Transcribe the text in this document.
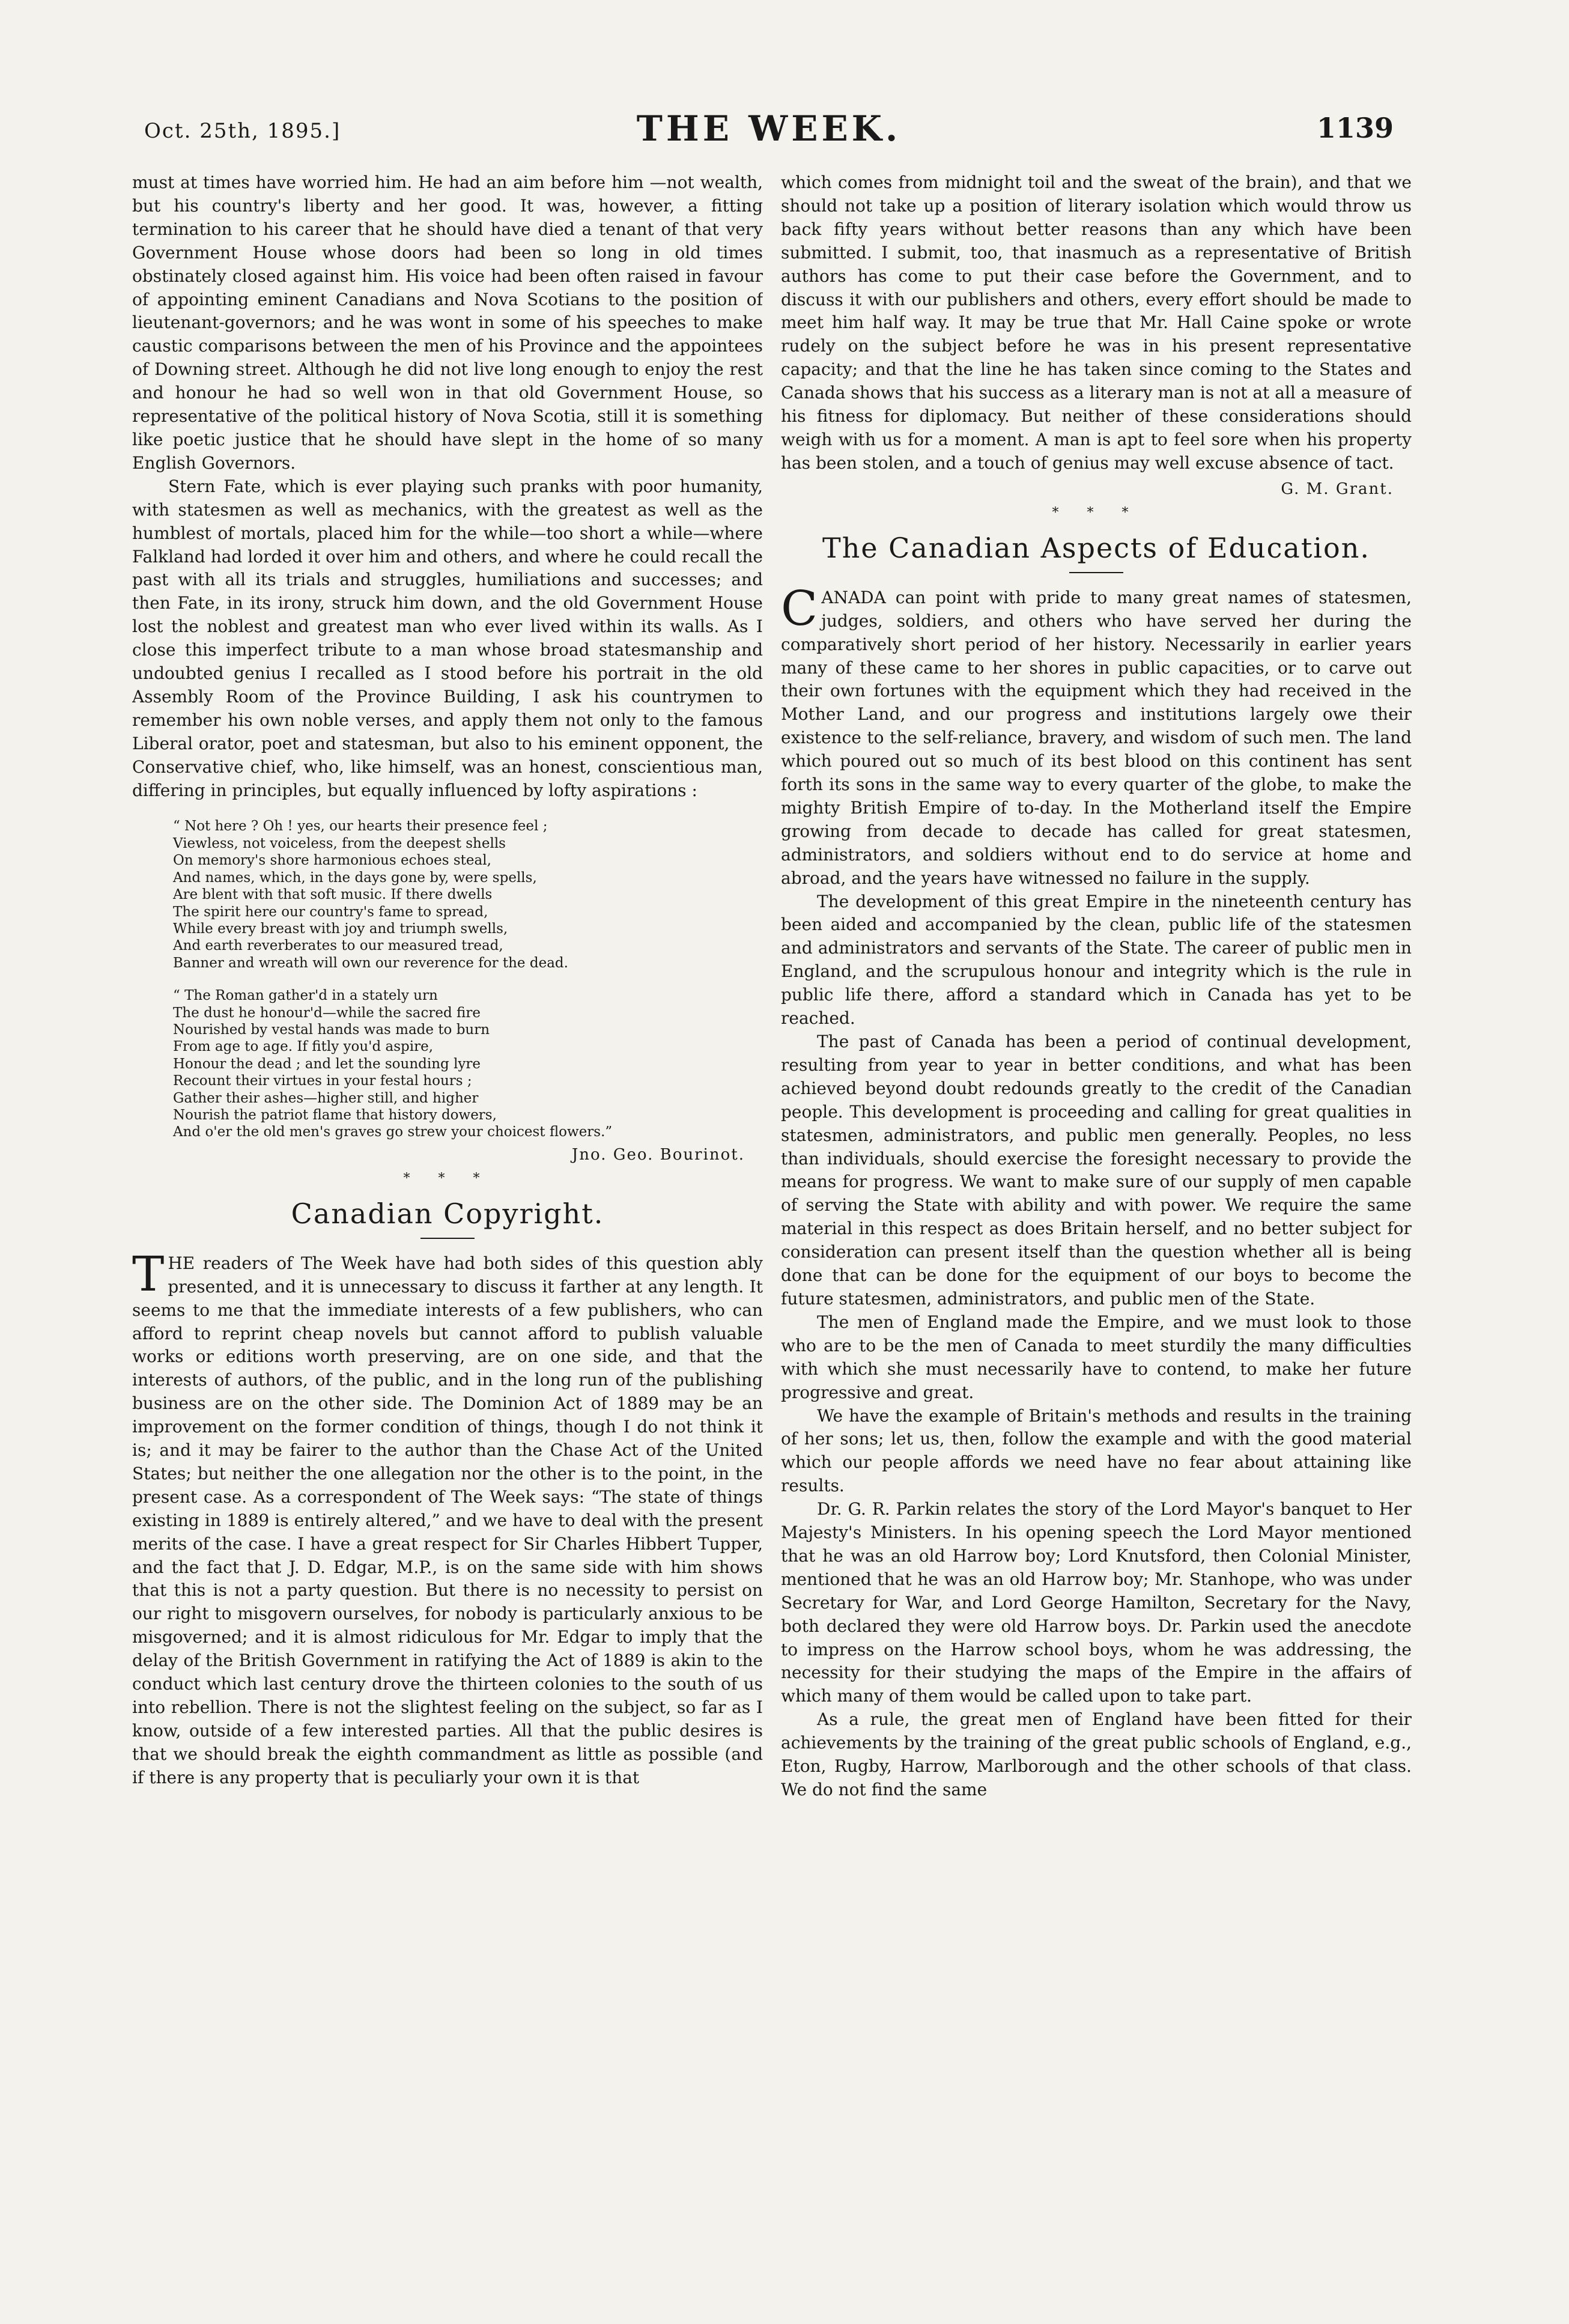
Oct. 25th, 1895.]	THE WEEK.	1139

must at times have worried him. He had an aim before him —not wealth, but his country's liberty and her good. It was, however, a fitting termination to his career that he should have died a tenant of that very Government House whose doors had been so long in old times obstinately closed against him. His voice had been often raised in favour of appointing eminent Canadians and Nova Scotians to the position of lieutenant-governors; and he was wont in some of his speeches to make caustic comparisons between the men of his Province and the appointees of Downing street. Although he did not live long enough to enjoy the rest and honour he had so well won in that old Government House, so representative of the political history of Nova Scotia, still it is something like poetic justice that he should have slept in the home of so many English Governors.

Stern Fate, which is ever playing such pranks with poor humanity, with statesmen as well as mechanics, with the greatest as well as the humblest of mortals, placed him for the while—too short a while—where Falkland had lorded it over him and others, and where he could recall the past with all its trials and struggles, humiliations and successes; and then Fate, in its irony, struck him down, and the old Government House lost the noblest and greatest man who ever lived within its walls. As I close this imperfect tribute to a man whose broad statesmanship and undoubted genius I recalled as I stood before his portrait in the old Assembly Room of the Province Building, I ask his countrymen to remember his own noble verses, and apply them not only to the famous Liberal orator, poet and statesman, but also to his eminent opponent, the Conservative chief, who, like himself, was an honest, conscientious man, differing in principles, but equally influenced by lofty aspirations :

“ Not here ? Oh ! yes, our hearts their presence feel ;
Viewless, not voiceless, from the deepest shells
On memory's shore harmonious echoes steal,
And names, which, in the days gone by, were spells,
Are blent with that soft music. If there dwells
The spirit here our country's fame to spread,
While every breast with joy and triumph swells,
And earth reverberates to our measured tread,
Banner and wreath will own our reverence for the dead.
“ The Roman gather'd in a stately urn
The dust he honour'd—while the sacred fire
Nourished by vestal hands was made to burn
From age to age. If fitly you'd aspire,
Honour the dead ; and let the sounding lyre
Recount their virtues in your festal hours ;
Gather their ashes—higher still, and higher
Nourish the patriot flame that history dowers,
And o'er the old men's graves go strew your choicest flowers.”
Jno. Geo. Bourinot.
* * *
Canadian Copyright.

THE readers of The Week have had both sides of this question ably presented, and it is unnecessary to discuss it farther at any length. It seems to me that the immediate interests of a few publishers, who can afford to reprint cheap novels but cannot afford to publish valuable works or editions worth preserving, are on one side, and that the interests of authors, of the public, and in the long run of the publishing business are on the other side. The Dominion Act of 1889 may be an improvement on the former condition of things, though I do not think it is; and it may be fairer to the author than the Chase Act of the United States; but neither the one allegation nor the other is to the point, in the present case. As a correspondent of The Week says: “The state of things existing in 1889 is entirely altered,” and we have to deal with the present merits of the case. I have a great respect for Sir Charles Hibbert Tupper, and the fact that J. D. Edgar, M.P., is on the same side with him shows that this is not a party question. But there is no necessity to persist on our right to misgovern ourselves, for nobody is particularly anxious to be misgoverned; and it is almost ridiculous for Mr. Edgar to imply that the delay of the British Government in ratifying the Act of 1889 is akin to the conduct which last century drove the thirteen colonies to the south of us into rebellion. There is not the slightest feeling on the subject, so far as I know, outside of a few interested parties. All that the public desires is that we should break the eighth commandment as little as possible (and if there is any property that is peculiarly your own it is that

which comes from midnight toil and the sweat of the brain), and that we should not take up a position of literary isolation which would throw us back fifty years without better reasons than any which have been submitted. I submit, too, that inasmuch as a representative of British authors has come to put their case before the Government, and to discuss it with our publishers and others, every effort should be made to meet him half way. It may be true that Mr. Hall Caine spoke or wrote rudely on the subject before he was in his present representative capacity; and that the line he has taken since coming to the States and Canada shows that his success as a literary man is not at all a measure of his fitness for diplomacy. But neither of these considerations should weigh with us for a moment. A man is apt to feel sore when his property has been stolen, and a touch of genius may well excuse absence of tact.

G. M. Grant.
* * *
The Canadian Aspects of Education.

CANADA can point with pride to many great names of statesmen, judges, soldiers, and others who have served her during the comparatively short period of her history. Necessarily in earlier years many of these came to her shores in public capacities, or to carve out their own fortunes with the equipment which they had received in the Mother Land, and our progress and institutions largely owe their existence to the self-reliance, bravery, and wisdom of such men. The land which poured out so much of its best blood on this continent has sent forth its sons in the same way to every quarter of the globe, to make the mighty British Empire of to-day. In the Motherland itself the Empire growing from decade to decade has called for great statesmen, administrators, and soldiers without end to do service at home and abroad, and the years have witnessed no failure in the supply.

The development of this great Empire in the nineteenth century has been aided and accompanied by the clean, public life of the statesmen and administrators and servants of the State. The career of public men in England, and the scrupulous honour and integrity which is the rule in public life there, afford a standard which in Canada has yet to be reached.

The past of Canada has been a period of continual development, resulting from year to year in better conditions, and what has been achieved beyond doubt redounds greatly to the credit of the Canadian people. This development is proceeding and calling for great qualities in statesmen, administrators, and public men generally. Peoples, no less than individuals, should exercise the foresight necessary to provide the means for progress. We want to make sure of our supply of men capable of serving the State with ability and with power. We require the same material in this respect as does Britain herself, and no better subject for consideration can present itself than the question whether all is being done that can be done for the equipment of our boys to become the future statesmen, administrators, and public men of the State.

The men of England made the Empire, and we must look to those who are to be the men of Canada to meet sturdily the many difficulties with which she must necessarily have to contend, to make her future progressive and great.

We have the example of Britain's methods and results in the training of her sons; let us, then, follow the example and with the good material which our people affords we need have no fear about attaining like results.

Dr. G. R. Parkin relates the story of the Lord Mayor's banquet to Her Majesty's Ministers. In his opening speech the Lord Mayor mentioned that he was an old Harrow boy; Lord Knutsford, then Colonial Minister, mentioned that he was an old Harrow boy; Mr. Stanhope, who was under Secretary for War, and Lord George Hamilton, Secretary for the Navy, both declared they were old Harrow boys. Dr. Parkin used the anecdote to impress on the Harrow school boys, whom he was addressing, the necessity for their studying the maps of the Empire in the affairs of which many of them would be called upon to take part.

As a rule, the great men of England have been fitted for their achievements by the training of the great public schools of England, e.g., Eton, Rugby, Harrow, Marlborough and the other schools of that class. We do not find the same
